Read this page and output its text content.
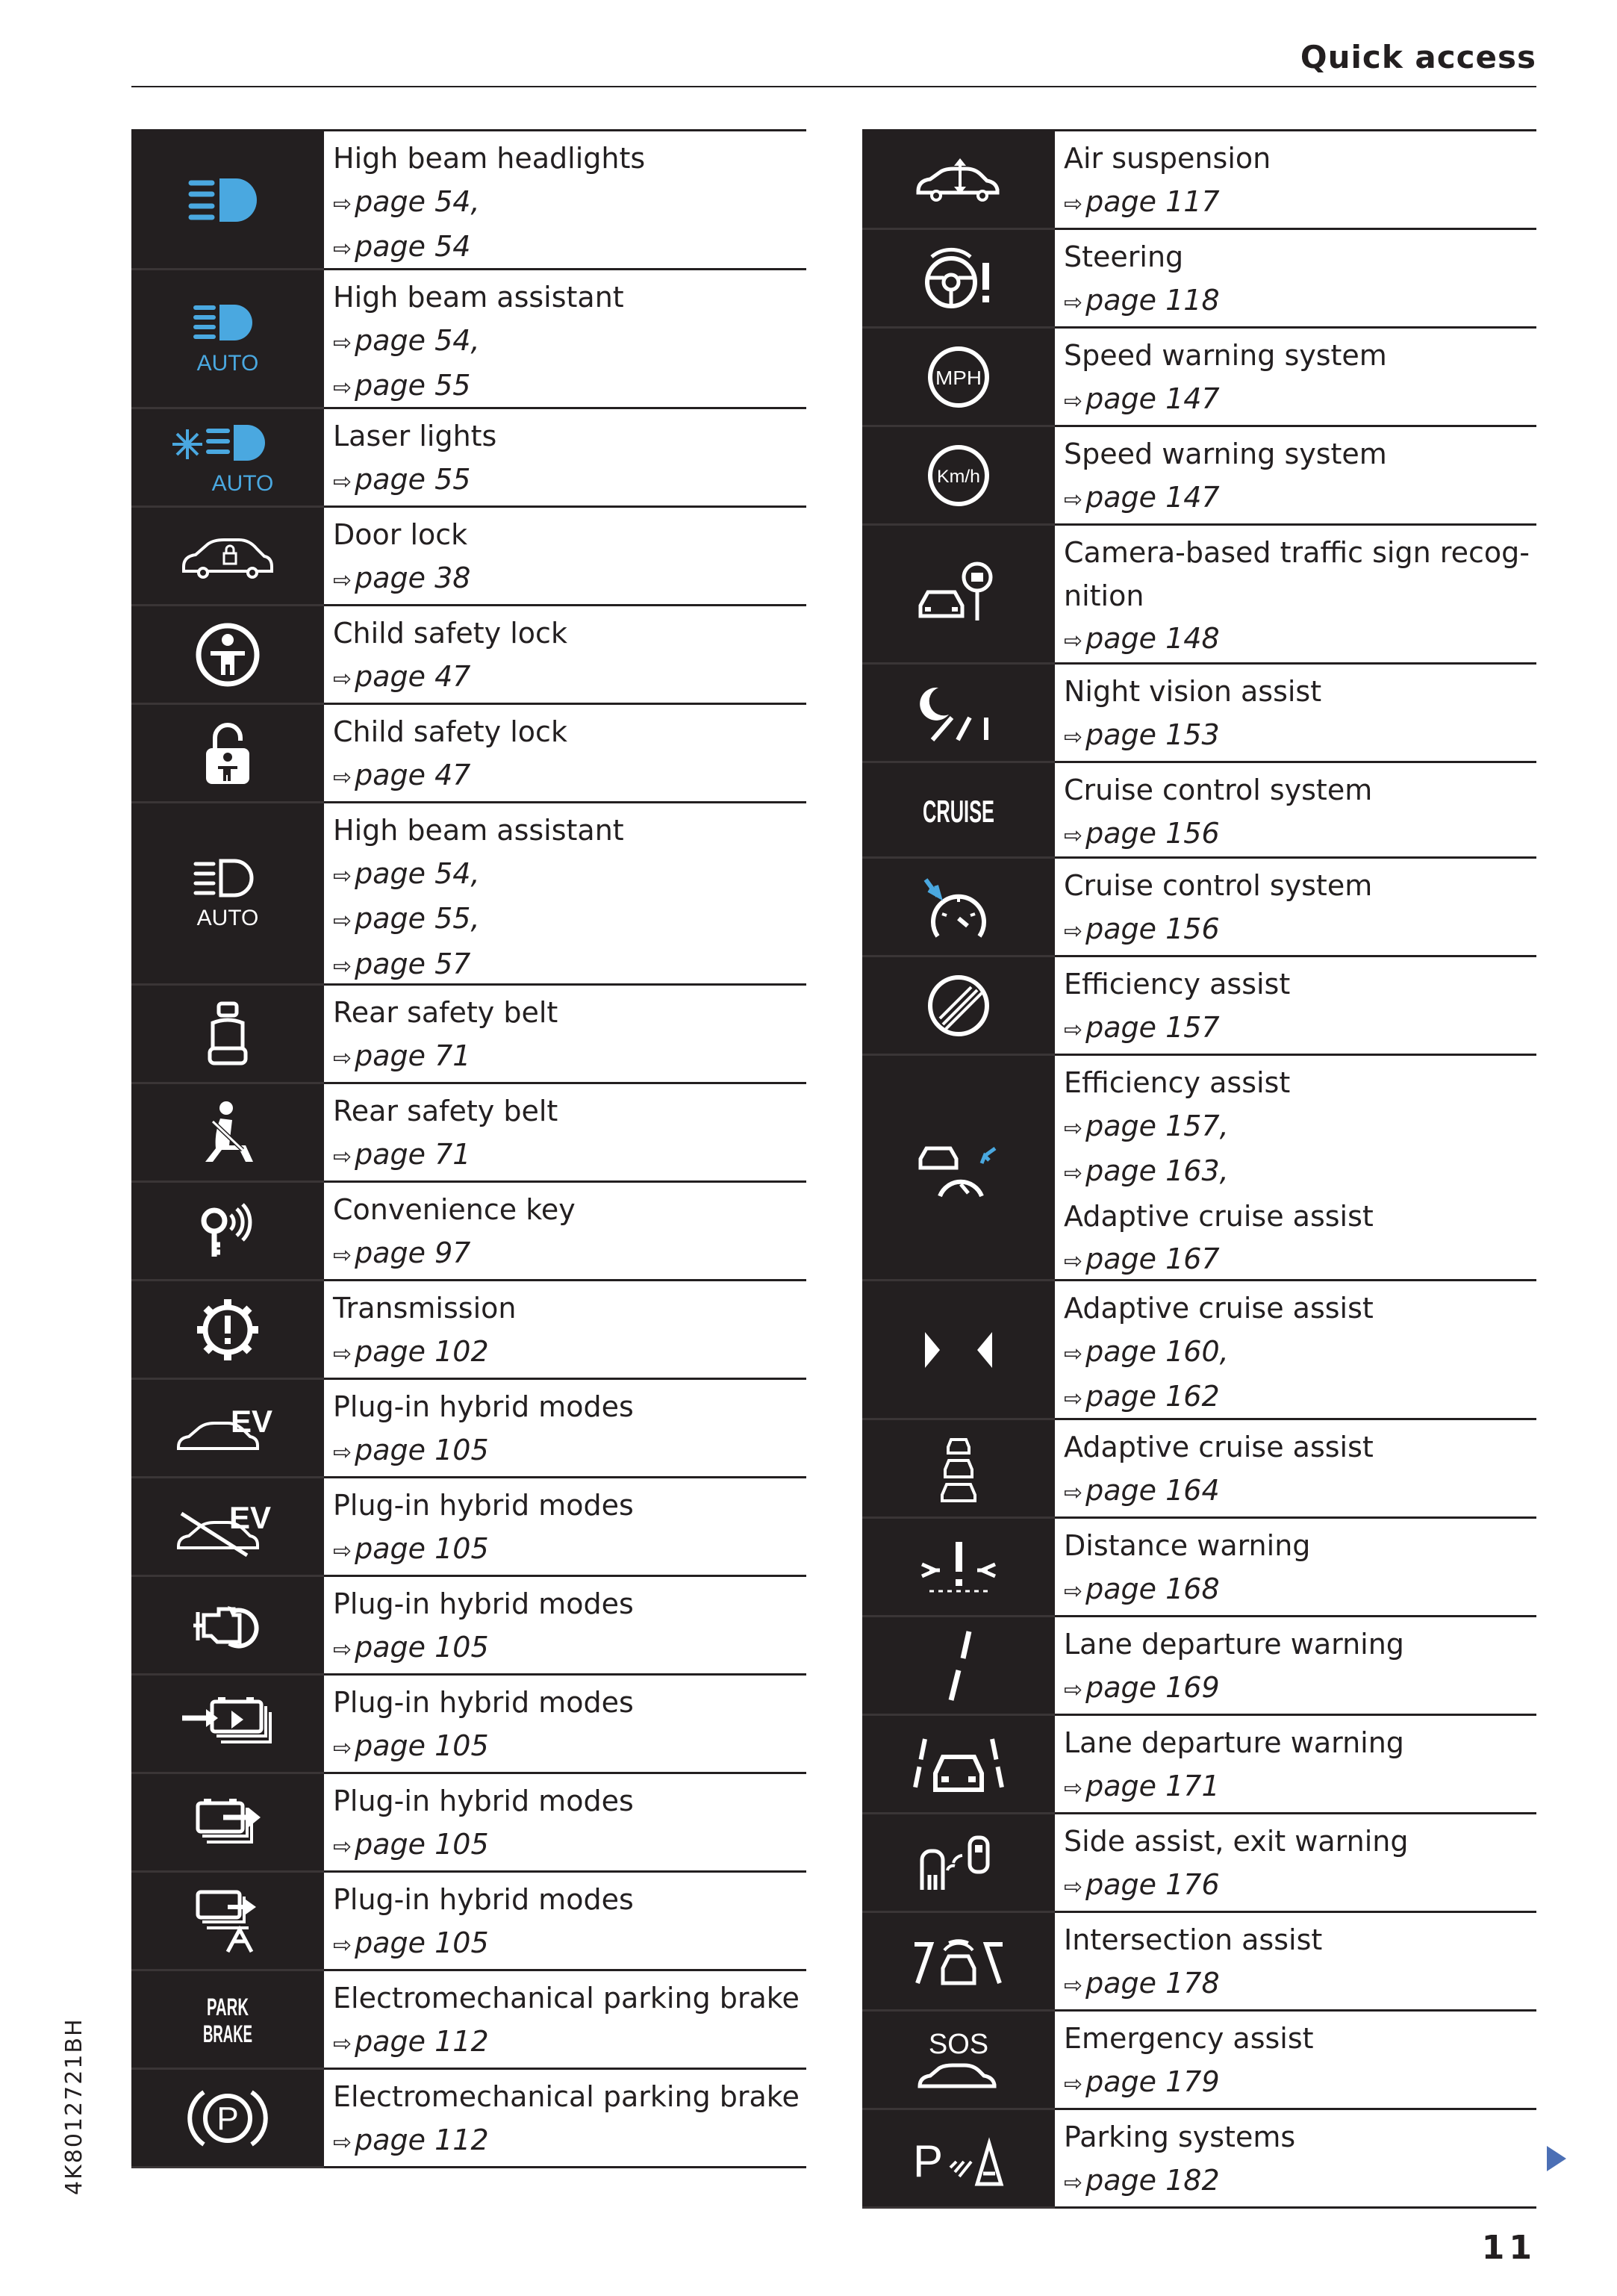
Quick access
High beam headlights
⇨ page 54,
⇨ page 54
AUTO
High beam assistant
⇨ page 54,
⇨ page 55
AUTO
Laser lights
⇨ page 55
Door lock
⇨ page 38
Child safety lock
⇨ page 47
Child safety lock
⇨ page 47
AUTO
High beam assistant
⇨ page 54,
⇨ page 55,
⇨ page 57
Rear safety belt
⇨ page 71
Rear safety belt
⇨ page 71
Convenience key
⇨ page 97
Transmission
⇨ page 102
EV Plug-in hybrid modes
⇨ page 105
EV Plug-in hybrid modes
⇨ page 105
Plug-in hybrid modes
⇨ page 105
Plug-in hybrid modes
⇨ page 105
Plug-in hybrid modes
⇨ page 105
Plug-in hybrid modes
⇨ page 105
PARK
BRAKE
Electromechanical parking brake
⇨ page 112
P
Electromechanical parking brake
⇨ page 112
Air suspension
⇨ page 117
Steering
⇨ page 118
MPH
Speed warning system
⇨ page 147
Km/h
Speed warning system
⇨ page 147
Camera-based traffic sign recog-
nition
⇨ page 148
Night vision assist
⇨ page 153
CRUISE
Cruise control system
⇨ page 156
Cruise control system
⇨ page 156
Efficiency assist
⇨ page 157
Efficiency assist
⇨ page 157,
⇨ page 163,
Adaptive cruise assist
⇨ page 167
Adaptive cruise assist
⇨ page 160,
⇨ page 162
Adaptive cruise assist
⇨ page 164
Distance warning
⇨ page 168
Lane departure warning
⇨ page 169
Lane departure warning
⇨ page 171
Side assist, exit warning
⇨ page 176
Intersection assist
⇨ page 178
SOS	Emergency assist
⇨ page 179
P	Parking systems
⇨ page 182
4K8012721BH
11
